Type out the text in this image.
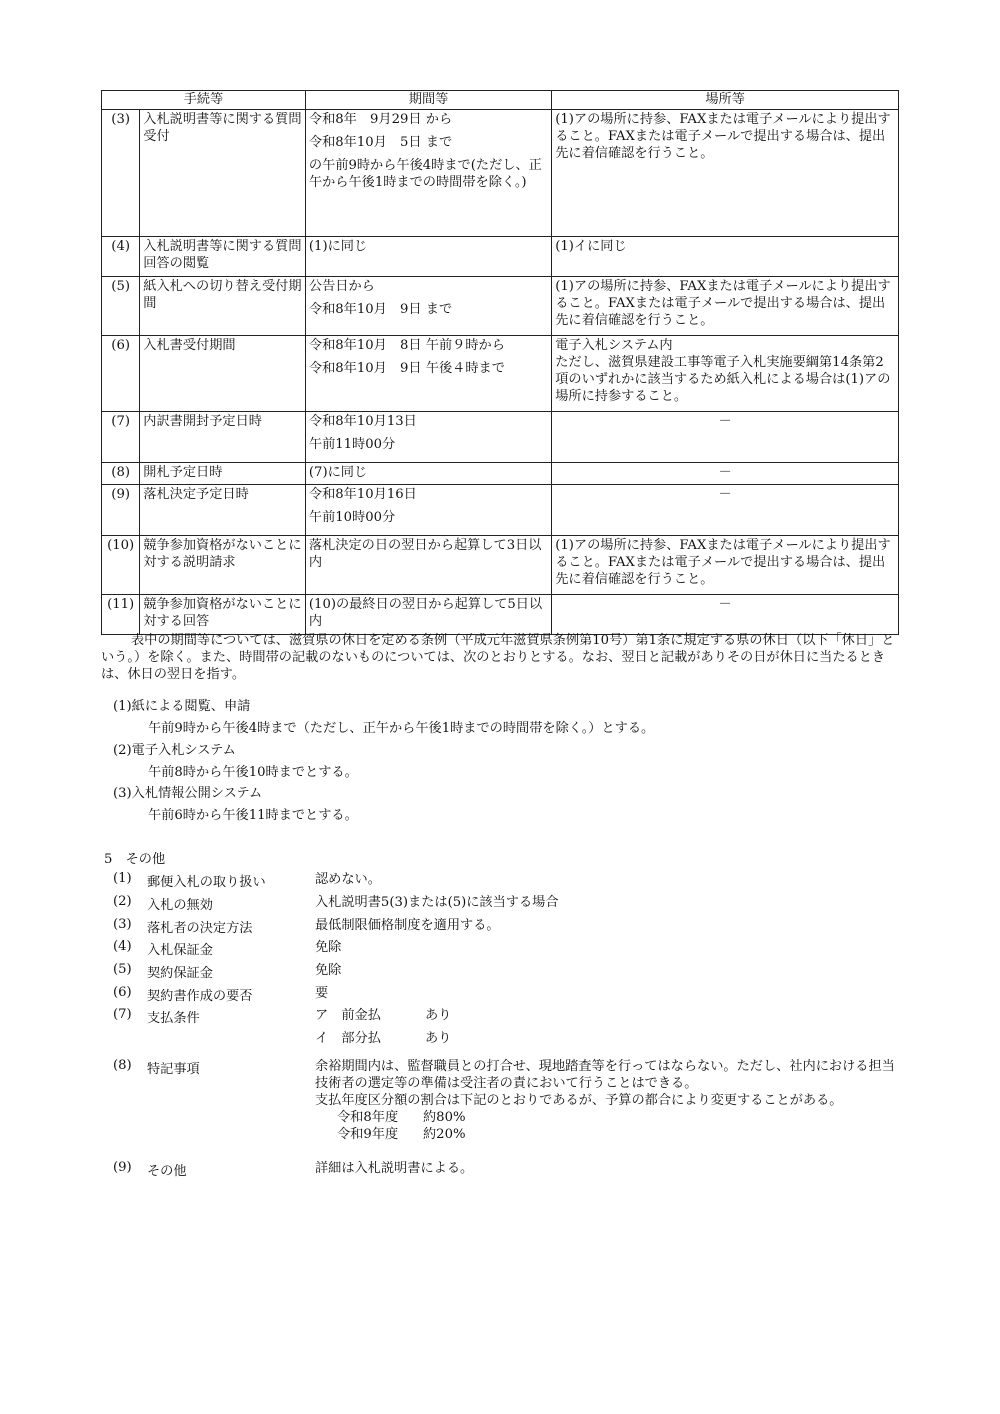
手続等		期間等	場所等
(3)	入札説明書等に関する質問受付	令和8年　9月29日 から
令和8年10月　5日 まで
の午前9時から午後4時まで(ただし、正午から午後1時までの時間帯を除く。)	(1)アの場所に持参、FAXまたは電子メールにより提出すること。FAXまたは電子メールで提出する場合は、提出先に着信確認を行うこと。
(4)	入札説明書等に関する質問回答の閲覧	(1)に同じ	(1)イに同じ
(5)	紙入札への切り替え受付期間	公告日から
令和8年10月　9日 まで	(1)アの場所に持参、FAXまたは電子メールにより提出すること。FAXまたは電子メールで提出する場合は、提出先に着信確認を行うこと。
(6)	入札書受付期間	令和8年10月　8日 午前９時から
令和8年10月　9日 午後４時まで	電子入札システム内
ただし、滋賀県建設工事等電子入札実施要綱第14条第2項のいずれかに該当するため紙入札による場合は(1)アの場所に持参すること。
(7)	内訳書開封予定日時	令和8年10月13日
午前11時00分	－
(8)	開札予定日時	(7)に同じ	－
(9)	落札決定予定日時	令和8年10月16日
午前10時00分	－
(10)	競争参加資格がないことに対する説明請求	落札決定の日の翌日から起算して3日以内	(1)アの場所に持参、FAXまたは電子メールにより提出すること。FAXまたは電子メールで提出する場合は、提出先に着信確認を行うこと。
(11)	競争参加資格がないことに対する回答	(10)の最終日の翌日から起算して5日以内	－
表中の期間等については、滋賀県の休日を定める条例（平成元年滋賀県条例第10号）第1条に規定する県の休日（以下「休日」という。）を除く。また、時間帯の記載のないものについては、次のとおりとする。なお、翌日と記載がありその日が休日に当たるときは、休日の翌日を指す。
(1)紙による閲覧、申請
午前9時から午後4時まで（ただし、正午から午後1時までの時間帯を除く。）とする。
(2)電子入札システム
午前8時から午後10時までとする。
(3)入札情報公開システム
午前6時から午後11時までとする。
5　その他
(1)	郵便入札の取り扱い	認めない。
(2)	入札の無効	入札説明書5(3)または(5)に該当する場合
(3)	落札者の決定方法	最低制限価格制度を適用する。
(4)	入札保証金	免除
(5)	契約保証金	免除
(6)	契約書作成の要否	要
(7)	支払条件	ア　前金払	あり
イ　部分払	あり
(8)	特記事項	余裕期間内は、監督職員との打合せ、現地踏査等を行ってはならない。ただし、社内における担当技術者の選定等の準備は受注者の責において行うことはできる。
支払年度区分額の割合は下記のとおりであるが、予算の都合により変更することがある。
令和8年度 約80%
令和9年度 約20%
(9)	その他	詳細は入札説明書による。
